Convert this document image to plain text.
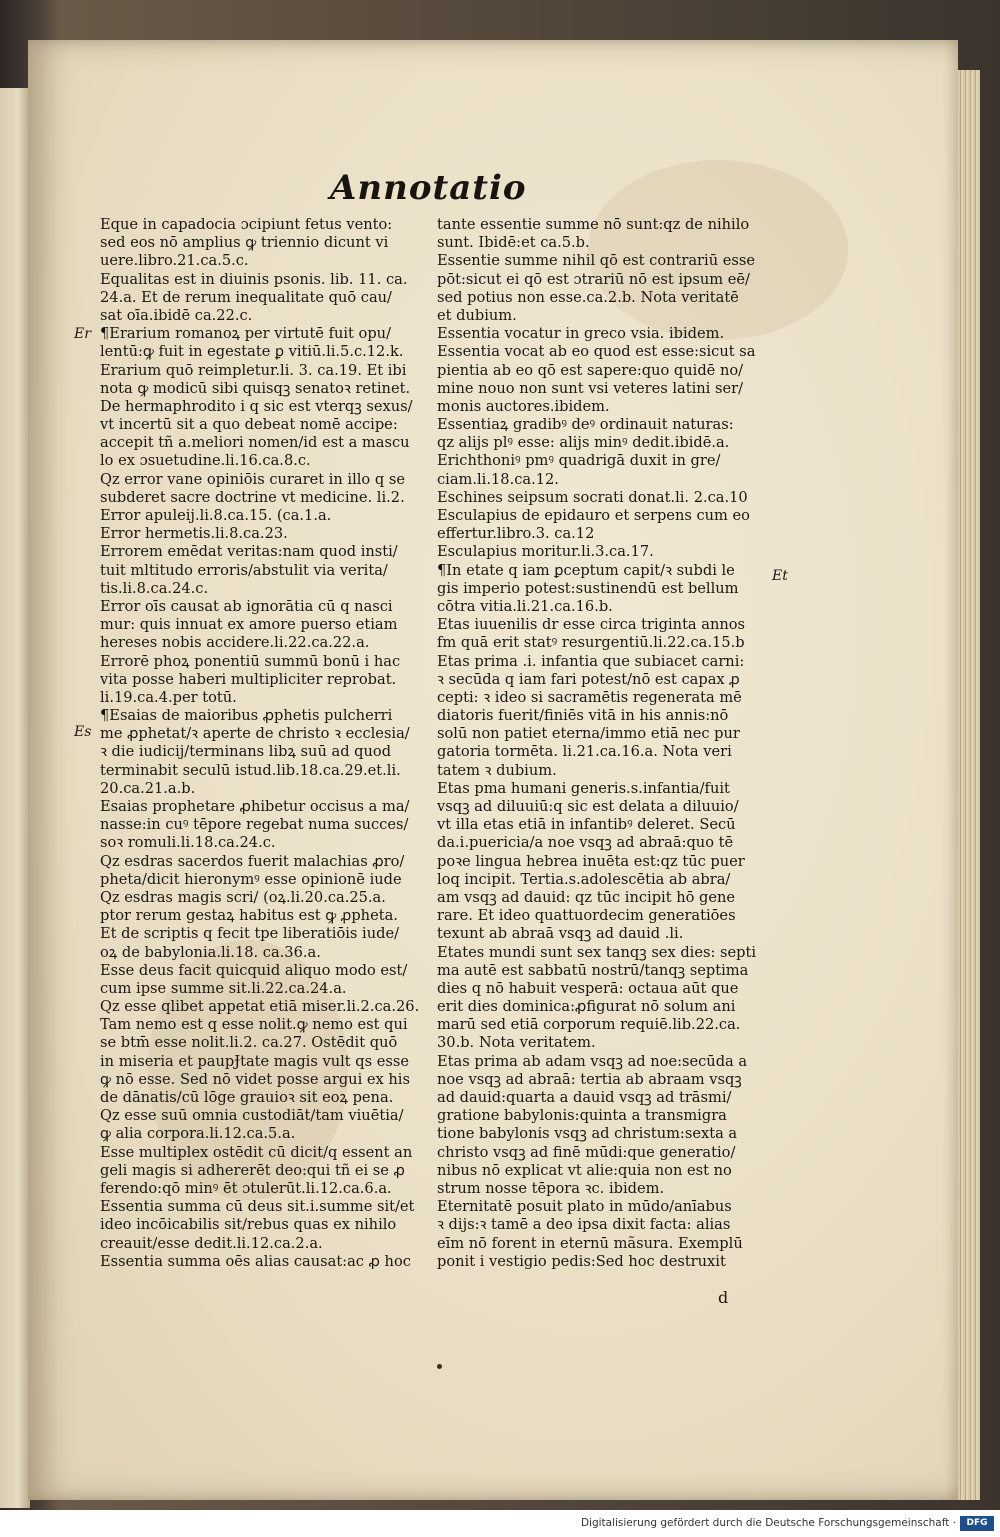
Annotatio
Eque in capadocia ɔcipiunt fetus vento:
sed eos nō amplius ꝙ triennio dicunt vi
uere.libro.21.ca.5.c.
Equalitas est in diuinis psonis. lib. 11. ca.
24.a. Et de rerum inequalitate quō cau/
sat oīa.ibidē ca.22.c.
¶Erarium romanoꝝ per virtutē fuit opu/
lentū:ꝙ fuit in egestate ꝑ vitiū.li.5.c.12.k.
Erarium quō reimpletur.li. 3. ca.19. Et ibi
nota ꝙ modicū sibi quisqꝫ senatoꝛ retinet.
De hermaphrodito i q sic est vterqꝫ sexus/
vt incertū sit a quo debeat nomē accipe:
accepit tñ a.meliori nomen/id est a mascu
lo ex ɔsuetudine.li.16.ca.8.c.
Qz error vane opiniōis curaret in illo q se
subderet sacre doctrine vt medicine. li.2.
Error apuleij.li.8.ca.15. (ca.1.a.
Error hermetis.li.8.ca.23.
Errorem emēdat veritas:nam quod insti/
tuit mltitudo erroris/abstulit via verita/
tis.li.8.ca.24.c.
Error oīs causat ab ignorātia cū q nasci
mur: quis innuat ex amore puerso etiam
hereses nobis accidere.li.22.ca.22.a.
Errorē phoꝝ ponentiū summū bonū i hac
vita posse haberi multipliciter reprobat.
li.19.ca.4.per totū.
¶Esaias de maioribus ꝓphetis pulcherri
me ꝓphetat/ꝛ aperte de christo ꝛ ecclesia/
ꝛ die iudicij/terminans libꝝ suū ad quod
terminabit seculū istud.lib.18.ca.29.et.li.
20.ca.21.a.b.
Esaias prophetare ꝓhibetur occisus a ma/
nasse:in cuꝰ tēpore regebat numa succes/
soꝛ romuli.li.18.ca.24.c.
Qz esdras sacerdos fuerit malachias ꝓro/
pheta/dicit hieronymꝰ esse opinionē iude
Qz esdras magis scri/ (oꝝ.li.20.ca.25.a.
ptor rerum gestaꝝ habitus est ꝙ ꝓpheta.
Et de scriptis q fecit tpe liberatiōis iude/
oꝝ de babylonia.li.18. ca.36.a.
Esse deus facit quicquid aliquo modo est/
cum ipse summe sit.li.22.ca.24.a.
Qz esse qlibet appetat etiā miser.li.2.ca.26.
Tam nemo est q esse nolit.ꝙ nemo est qui
se btm̄ esse nolit.li.2. ca.27. Ostēdit quō
in miseria et paupɈtate magis vult qs esse
ꝙ nō esse. Sed nō videt posse argui ex his
de dānatis/cū lōge grauioꝛ sit eoꝝ pena.
Qz esse suū omnia custodiāt/tam viuētia/
ꝙ alia corpora.li.12.ca.5.a.
Esse multiplex ostēdit cū dicit/q essent an
geli magis si adhererēt deo:qui tñ ei se ꝓ
ferendo:qō minꝰ ēt ɔtulerūt.li.12.ca.6.a.
Essentia summa cū deus sit.i.summe sit/et
ideo incōicabilis sit/rebus quas ex nihilo
creauit/esse dedit.li.12.ca.2.a.
Essentia summa oēs alias causat:ac ꝓ hoc
tante essentie summe nō sunt:qz de nihilo
sunt. Ibidē:et ca.5.b.
Essentie summe nihil qō est contrariū esse
pōt:sicut ei qō est ɔtrariū nō est ipsum eē/
sed potius non esse.ca.2.b. Nota veritatē
et dubium.
Essentia vocatur in greco vsia. ibidem.
Essentia vocat ab eo quod est esse:sicut sa
pientia ab eo qō est sapere:quo quidē no/
mine nouo non sunt vsi veteres latini ser/
monis auctores.ibidem.
Essentiaꝝ gradibꝰ deꝰ ordinauit naturas:
qz alijs plꝰ esse: alijs minꝰ dedit.ibidē.a.
Erichthoniꝰ pmꝰ quadrigā duxit in gre/
ciam.li.18.ca.12.
Eschines seipsum socrati donat.li. 2.ca.10
Esculapius de epidauro et serpens cum eo
effertur.libro.3. ca.12
Esculapius moritur.li.3.ca.17.
¶In etate q iam ꝑceptum capit/ꝛ subdi le
gis imperio potest:sustinendū est bellum
cōtra vitia.li.21.ca.16.b.
Etas iuuenilis dr esse circa triginta annos
fm quā erit statꝰ resurgentiū.li.22.ca.15.b
Etas prima .i. infantia que subiacet carni:
ꝛ secūda q iam fari potest/nō est capax ꝓ
cepti: ꝛ ideo si sacramētis regenerata mē
diatoris fuerit/finiēs vitā in his annis:nō
solū non patiet eterna/immo etiā nec pur
gatoria tormēta. li.21.ca.16.a. Nota veri
tatem ꝛ dubium.
Etas pma humani generis.s.infantia/fuit
vsqꝫ ad diluuiū:q sic est delata a diluuio/
vt illa etas etiā in infantibꝰ deleret. Secū
da.i.puericia/a noe vsqꝫ ad abraā:quo tē
poꝛe lingua hebrea inuēta est:qz tūc puer
loq incipit. Tertia.s.adolescētia ab abra/
am vsqꝫ ad dauid: qz tūc incipit hō gene
rare. Et ideo quattuordecim generatiōes
texunt ab abraā vsqꝫ ad dauid .li.
Etates mundi sunt sex tanqꝫ sex dies: septi
ma autē est sabbatū nostrū/tanqꝫ septima
dies q nō habuit vesperā: octaua aūt que
erit dies dominica:ꝓfigurat nō solum ani
marū sed etiā corporum requiē.lib.22.ca.
30.b. Nota veritatem.
Etas prima ab adam vsqꝫ ad noe:secūda a
noe vsqꝫ ad abraā: tertia ab abraam vsqꝫ
ad dauid:quarta a dauid vsqꝫ ad trāsmi/
gratione babylonis:quinta a transmigra
tione babylonis vsqꝫ ad christum:sexta a
christo vsqꝫ ad finē mūdi:que generatio/
nibus nō explicat vt alie:quia non est no
strum nosse tēpora ꝛc. ibidem.
Eternitatē posuit plato in mūdo/anīabus
ꝛ dijs:ꝛ tamē a deo ipsa dixit facta: alias
eīm nō forent in eternū mãsura. Exemplū
ponit i vestigio pedis:Sed hoc destruxit
Er
Es
Et
d
Digitalisierung gefördert durch die Deutsche Forschungsgemeinschaft ·	DFG
